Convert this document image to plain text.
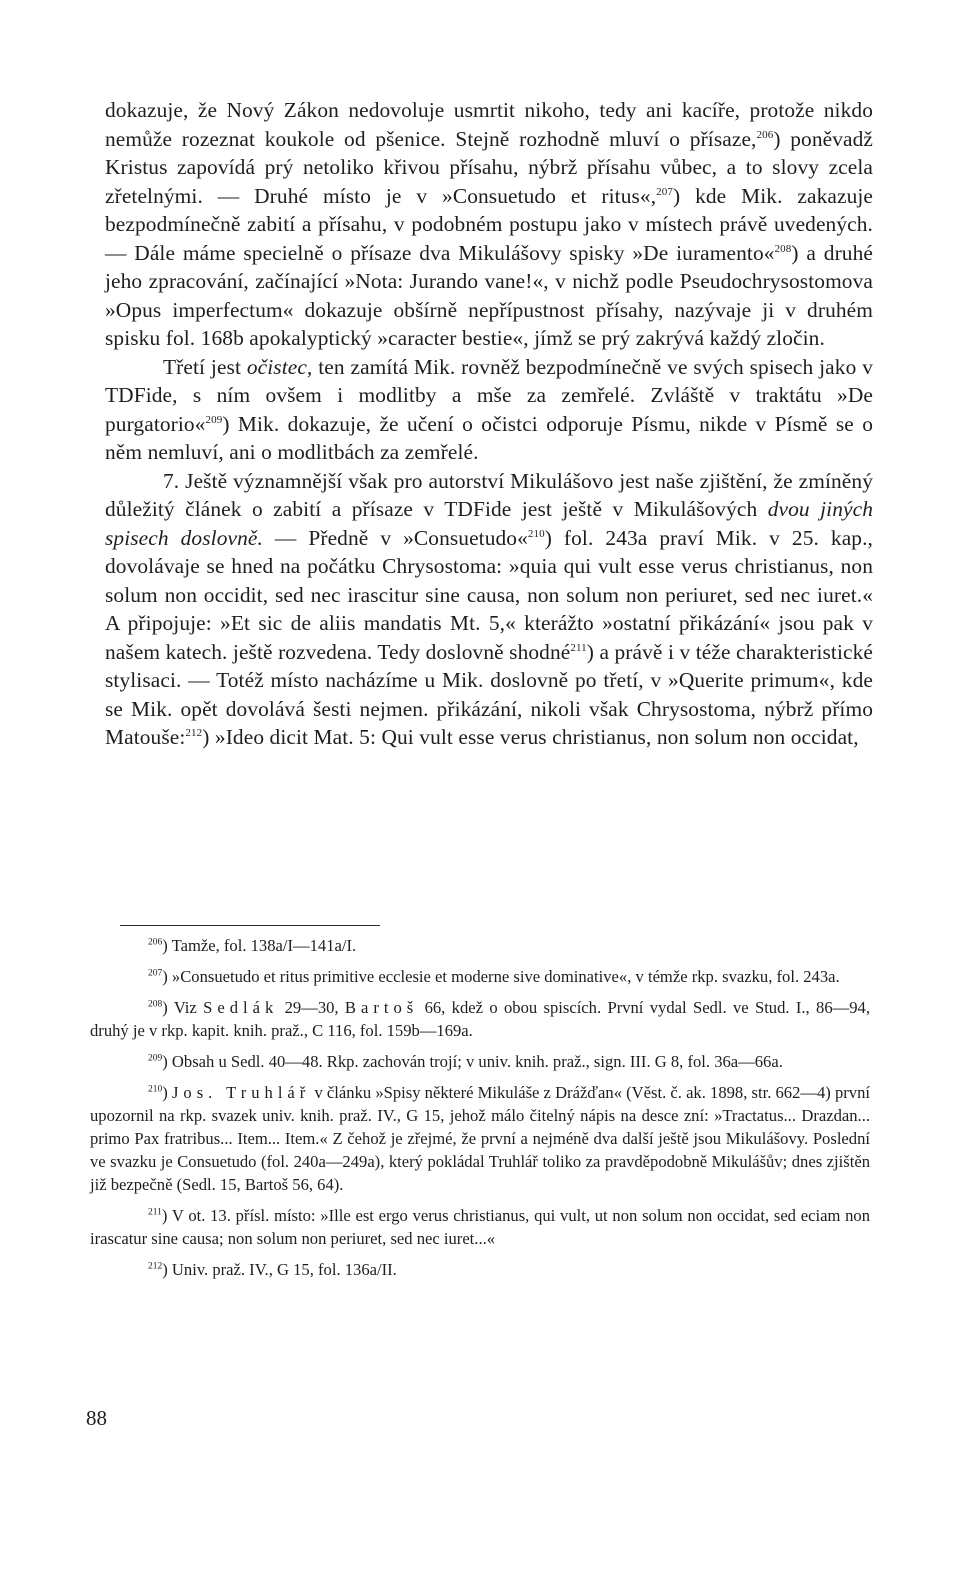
dokazuje, že Nový Zákon nedovoluje usmrtit nikoho, tedy ani kacíře, protože nikdo nemůže rozeznat koukole od pšenice. Stejně rozhodně mluví o přísaze,$^{206}$) poněvadž Kristus zapovídá prý netoliko křivou přísahu, nýbrž přísahu vůbec, a to slovy zcela zřetelnými. — Druhé místo je v »Consuetudo et ritus«,$^{207}$) kde Mik. zakazuje bezpodmínečně zabití a přísahu, v podobném postupu jako v místech právě uvedených. — Dále máme specielně o přísaze dva Mikulášovy spisky »De iuramento«$^{208}$) a druhé jeho zpracování, začínající »Nota: Jurando vane!«, v nichž podle Pseudochrysostomova »Opus imperfectum« dokazuje obšírně nepřípustnost přísahy, nazývaje ji v druhém spisku fol. 168b apokalyptický »caracter bestie«, jímž se prý zakrývá každý zločin.

Třetí jest očistec, ten zamítá Mik. rovněž bezpodmínečně ve svých spisech jako v TDFide, s ním ovšem i modlitby a mše za zemřelé. Zvláště v traktátu »De purgatorio«$^{209}$) Mik. dokazuje, že učení o očistci odporuje Písmu, nikde v Písmě se o něm nemluví, ani o modlitbách za zemřelé.

7. Ještě významnější však pro autorství Mikulášovo jest naše zjištění, že zmíněný důležitý článek o zabití a přísaze v TDFide jest ještě v Mikulášových dvou jiných spisech doslovně. — Předně v »Consuetudo«$^{210}$) fol. 243a praví Mik. v 25. kap., dovolávaje se hned na počátku Chrysostoma: »quia qui vult esse verus christianus, non solum non occidit, sed nec irascitur sine causa, non solum non periuret, sed nec iuret.« A připojuje: »Et sic de aliis mandatis Mt. 5,« kterážto »ostatní přikázání« jsou pak v našem katech. ještě rozvedena. Tedy doslovně shodné$^{211}$) a právě i v téže charakteristické stylisaci. — Totéž místo nacházíme u Mik. doslovně po třetí, v »Querite primum«, kde se Mik. opět dovolává šesti nejmen. přikázání, nikoli však Chrysostoma, nýbrž přímo Matouše:$^{212}$) »Ideo dicit Mat. 5: Qui vult esse verus christianus, non solum non occidat,

$^{206}$) Tamže, fol. 138a/I—141a/I.

$^{207}$) »Consuetudo et ritus primitive ecclesie et moderne sive dominative«, v témže rkp. svazku, fol. 243a.

$^{208}$) Viz Sedlák 29—30, Bartoš 66, kdež o obou spiscích. První vydal Sedl. ve Stud. I., 86—94, druhý je v rkp. kapit. knih. praž., C 116, fol. 159b—169a.

$^{209}$) Obsah u Sedl. 40—48. Rkp. zachován trojí; v univ. knih. praž., sign. III. G 8, fol. 36a—66a.

$^{210}$) Jos. Truhlář v článku »Spisy některé Mikuláše z Drážďan« (Věst. č. ak. 1898, str. 662—4) první upozornil na rkp. svazek univ. knih. praž. IV., G 15, jehož málo čitelný nápis na desce zní: »Tractatus... Drazdan... primo Pax fratribus... Item... Item.« Z čehož je zřejmé, že první a nejméně dva další ještě jsou Mikulášovy. Poslední ve svazku je Consuetudo (fol. 240a—249a), který pokládal Truhlář toliko za pravděpodobně Mikulášův; dnes zjištěn již bezpečně (Sedl. 15, Bartoš 56, 64).

$^{211}$) V ot. 13. přísl. místo: »Ille est ergo verus christianus, qui vult, ut non solum non occidat, sed eciam non irascatur sine causa; non solum non periuret, sed nec iuret...«

$^{212}$) Univ. praž. IV., G 15, fol. 136a/II.

88
